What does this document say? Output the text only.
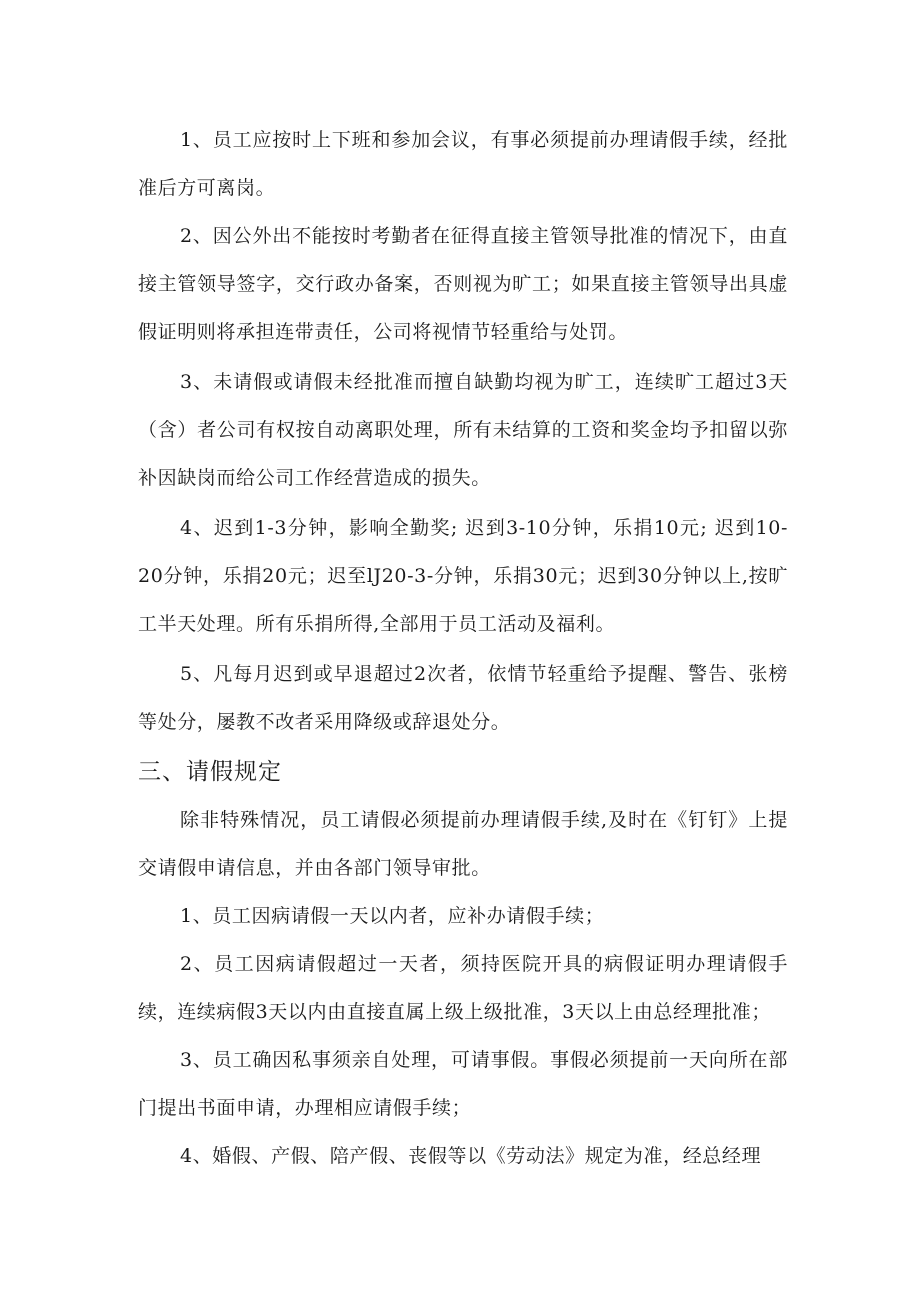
1、员工应按时上下班和参加会议，有事必须提前办理请假手续，经批准后方可离岗。

2、因公外出不能按时考勤者在征得直接主管领导批准的情况下，由直接主管领导签字，交行政办备案，否则视为旷工；如果直接主管领导出具虚假证明则将承担连带责任，公司将视情节轻重给与处罚。

3、未请假或请假未经批准而擅自缺勤均视为旷工，连续旷工超过3天（含）者公司有权按自动离职处理，所有未结算的工资和奖金均予扣留以弥补因缺岗而给公司工作经营造成的损失。

4、迟到1-3分钟，影响全勤奖; 迟到3-10分钟，乐捐10元; 迟到10-20分钟，乐捐20元；迟至lJ20-3-分钟，乐捐30元；迟到30分钟以上,按旷工半天处理。所有乐捐所得,全部用于员工活动及福利。

5、凡每月迟到或早退超过2次者，依情节轻重给予提醒、警告、张榜等处分，屡教不改者采用降级或辞退处分。

三、请假规定

除非特殊情况，员工请假必须提前办理请假手续,及时在《钉钉》上提交请假申请信息，并由各部门领导审批。

1、员工因病请假一天以内者，应补办请假手续；

2、员工因病请假超过一天者，须持医院开具的病假证明办理请假手续，连续病假3天以内由直接直属上级上级批准，3天以上由总经理批准；

3、员工确因私事须亲自处理，可请事假。事假必须提前一天向所在部门提出书面申请，办理相应请假手续；

4、婚假、产假、陪产假、丧假等以《劳动法》规定为准，经总经理
